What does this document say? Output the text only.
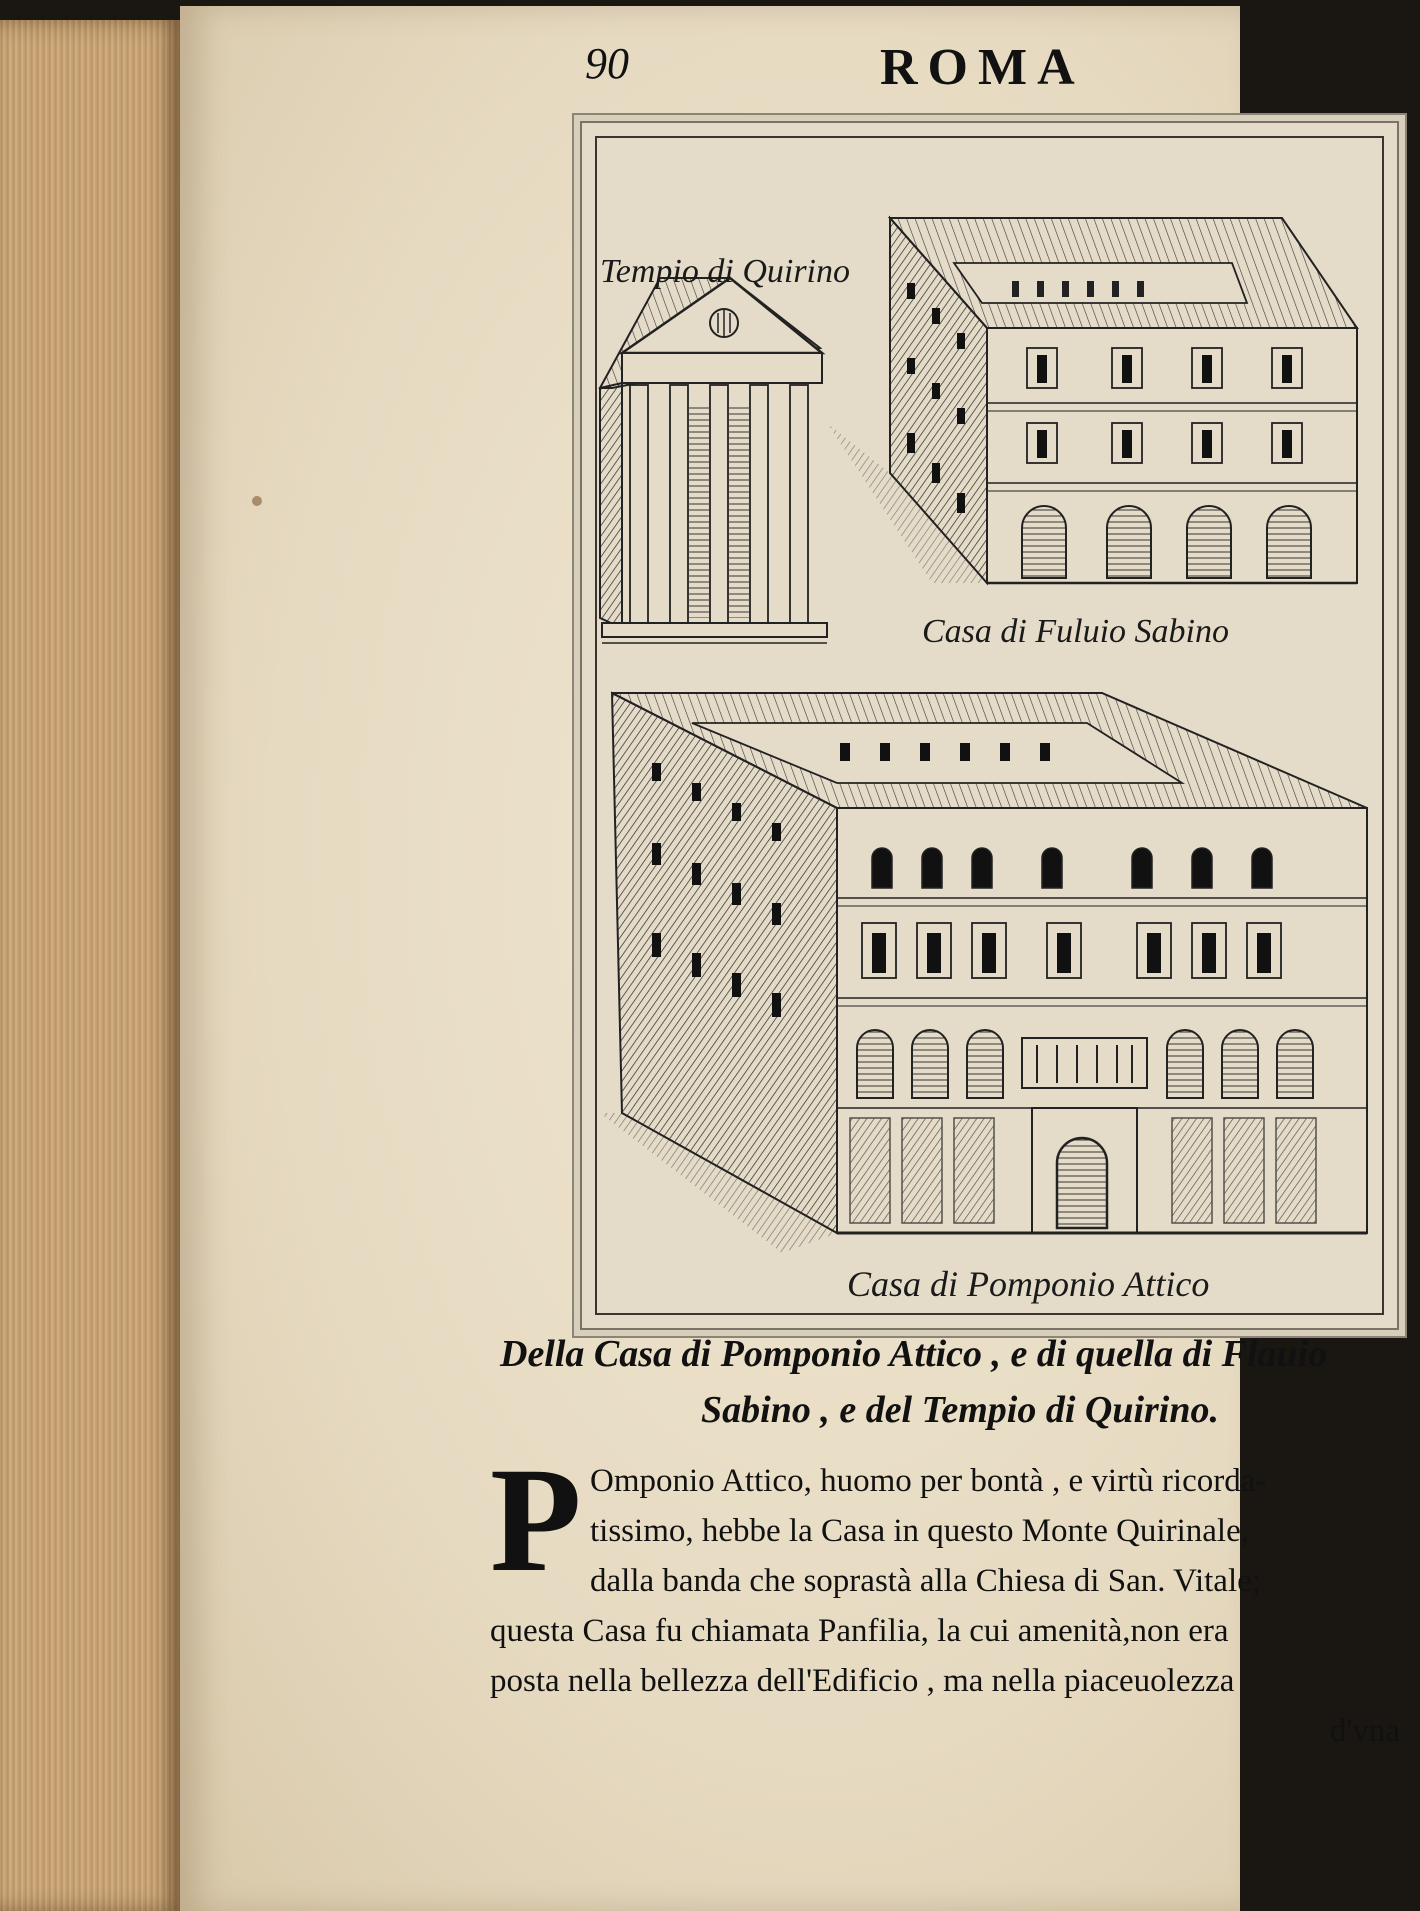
90	ROMA
Tempio di Quirino
Casa di Fuluio Sabino
Casa di Pomponio Attico
Della Casa di Pomponio Attico , e di quella di Flauio
Sabino , e del Tempio di Quirino.
P Omponio Attico, huomo per bontà , e virtù ricorda-
tissimo, hebbe la Casa in questo Monte Quirinale,
dalla banda che soprastà alla Chiesa di San. Vitale;
questa Casa fu chiamata Panfilia, la cui amenità,non era
posta nella bellezza dell'Edificio , ma nella piaceuolezza
d'vna
